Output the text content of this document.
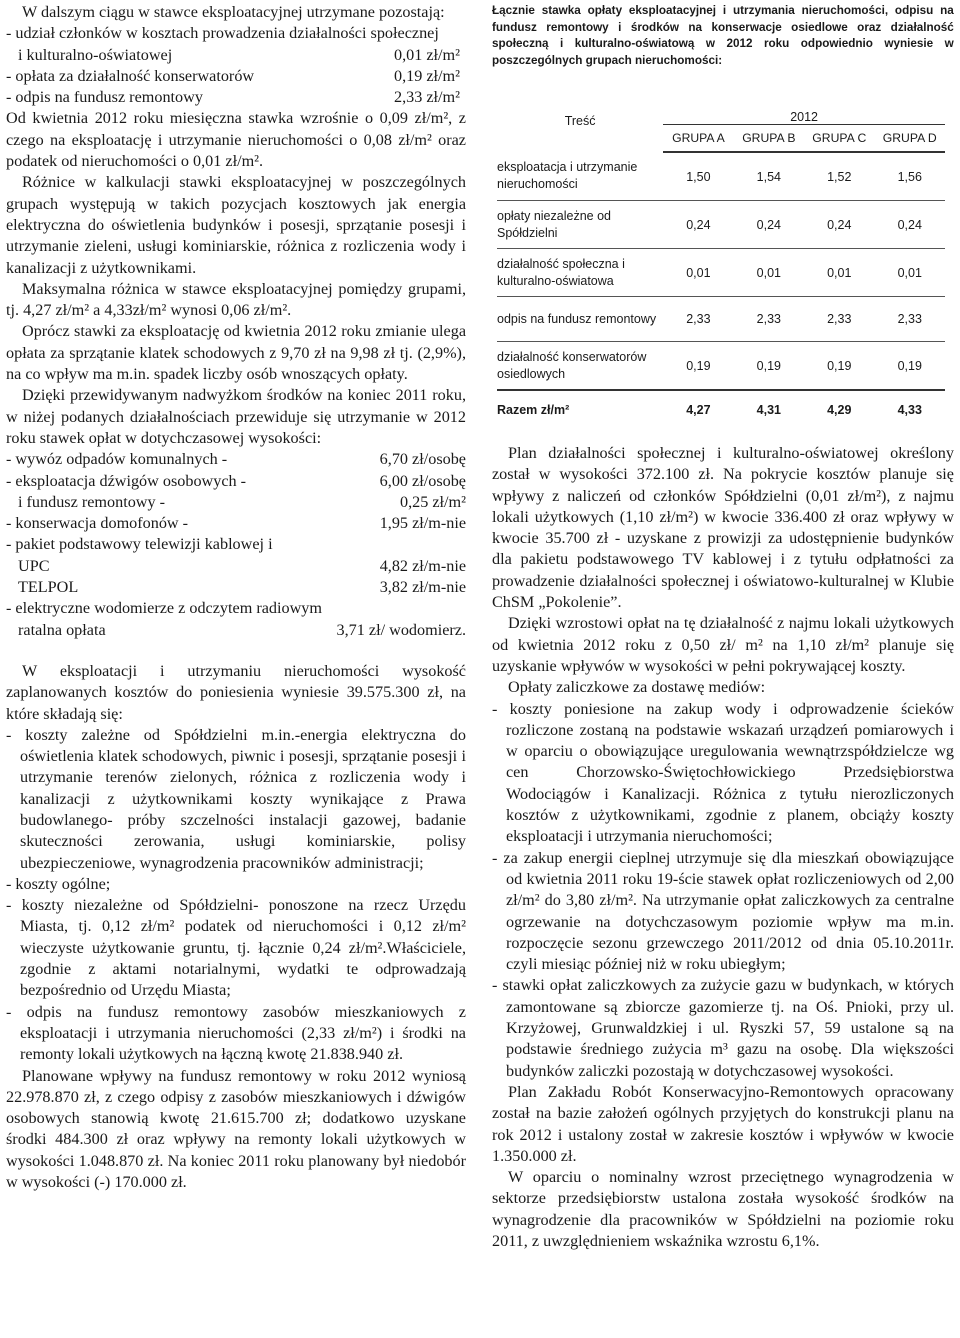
W dalszym ciągu w stawce eksploatacyjnej utrzymane pozostają:

- udział członków w kosztach prowadzenia działalności społecznej

i kulturalno-oświatowej	0,01 zł/m²
- opłata za działalność konserwatorów	0,19 zł/m²
- odpis na fundusz remontowy	2,33 zł/m²

Od kwietnia 2012 roku miesięczna stawka wzrośnie o 0,09 zł/m², z czego na eksploatację i utrzymanie nieruchomości o 0,08 zł/m² oraz podatek od nieruchomości o 0,01 zł/m².

Różnice w kalkulacji stawki eksploatacyjnej w poszczególnych grupach występują w takich pozycjach kosztowych jak energia elektryczna do oświetlenia budynków i posesji, sprzątanie posesji i utrzymanie zieleni, usługi kominiarskie, różnica z rozliczenia wody i kanalizacji z użytkownikami.

Maksymalna różnica w stawce eksploatacyjnej pomiędzy grupami, tj. 4,27 zł/m² a 4,33zł/m² wynosi 0,06 zł/m².

Oprócz stawki za eksploatację od kwietnia 2012 roku zmianie ulega opłata za sprzątanie klatek schodowych z 9,70 zł na 9,98 zł tj. (2,9%), na co wpływ ma m.in. spadek liczby osób wnoszących opłaty.

Dzięki przewidywanym nadwyżkom środków na koniec 2011 roku, w niżej podanych działalnościach przewiduje się utrzymanie w 2012 roku stawek opłat w dotychczasowej wysokości:

- wywóz odpadów komunalnych -	6,70 zł/osobę
- eksploatacja dźwigów osobowych -	6,00 zł/osobę
i fundusz remontowy -	0,25 zł/m²
- konserwacja domofonów -	1,95 zł/m-nie

- pakiet podstawowy telewizji kablowej i

UPC	4,82 zł/m-nie
TELPOL	3,82 zł/m-nie

- elektryczne wodomierze z odczytem radiowym

ratalna opłata	3,71 zł/ wodomierz.

W eksploatacji i utrzymaniu nieruchomości wysokość zaplanowanych kosztów do poniesienia wyniesie 39.575.300 zł, na które składają się:

- koszty zależne od Spółdzielni m.in.-energia elektryczna do oświetlenia klatek schodowych, piwnic i posesji, sprzątanie posesji i utrzymanie terenów zielonych, różnica z rozliczenia wody i kanalizacji z użytkownikami koszty wynikające z Prawa budowlanego- próby szczelności instalacji gazowej, badanie skuteczności zerowania, usługi kominiarskie, polisy ubezpieczeniowe, wynagrodzenia pracowników administracji;

- koszty ogólne;

- koszty niezależne od Spółdzielni- ponoszone na rzecz Urzędu Miasta, tj. 0,12 zł/m² podatek od nieruchomości i 0,12 zł/m² wieczyste użytkowanie gruntu, tj. łącznie 0,24 zł/m².Właściciele, zgodnie z aktami notarialnymi, wydatki te odprowadzają bezpośrednio od Urzędu Miasta;

- odpis na fundusz remontowy zasobów mieszkaniowych z eksploatacji i utrzymania nieruchomości (2,33 zł/m²) i środki na remonty lokali użytkowych na łączną kwotę 21.838.940 zł.

Planowane wpływy na fundusz remontowy w roku 2012 wyniosą 22.978.870 zł, z czego odpisy z zasobów mieszkaniowych i dźwigów osobowych stanowią kwotę 21.615.700 zł; dodatkowo uzyskane środki 484.300 zł oraz wpływy na remonty lokali użytkowych w wysokości 1.048.870 zł. Na koniec 2011 roku planowany był niedobór w wysokości (-) 170.000 zł.

Łącznie stawka opłaty eksploatacyjnej i utrzymania nieruchomości, odpisu na fundusz remontowy i środków na konserwacje osiedlowe oraz działalność społeczną i kulturalno-oświatową w 2012 roku odpowiednio wyniesie w poszczególnych grupach nieruchomości:

Treść	2012			
	GRUPA A	GRUPA B	GRUPA C	GRUPA D
eksploatacja i utrzymanie nieruchomości	1,50	1,54	1,52	1,56
opłaty niezależne od Spółdzielni	0,24	0,24	0,24	0,24
działalność społeczna i kulturalno-oświatowa	0,01	0,01	0,01	0,01
odpis na fundusz remontowy	2,33	2,33	2,33	2,33
działalność konserwatorów osiedlowych	0,19	0,19	0,19	0,19
Razem zł/m²	4,27	4,31	4,29	4,33

Plan działalności społecznej i kulturalno-oświatowej określony został w wysokości 372.100 zł. Na pokrycie kosztów planuje się wpływy z naliczeń od członków Spółdzielni (0,01 zł/m²), z najmu lokali użytkowych (1,10 zł/m²) w kwocie 336.400 zł oraz wpływy w kwocie 35.700 zł - uzyskane z prowizji za udostępnienie budynków dla pakietu podstawowego TV kablowej i z tytułu odpłatności za prowadzenie działalności społecznej i oświatowo-kulturalnej w Klubie ChSM „Pokolenie”.

Dzięki wzrostowi opłat na tę działalność z najmu lokali użytkowych od kwietnia 2012 roku z 0,50 zł/ m² na 1,10 zł/m² planuje się uzyskanie wpływów w wysokości w pełni pokrywającej koszty.

Opłaty zaliczkowe za dostawę mediów:

- koszty poniesione na zakup wody i odprowadzenie ścieków rozliczone zostaną na podstawie wskazań urządzeń pomiarowych i w oparciu o obowiązujące uregulowania wewnątrzspółdzielcze wg cen Chorzowsko-Świętochłowickiego Przedsiębiorstwa Wodociągów i Kanalizacji. Różnica z tytułu nierozliczonych kosztów z użytkownikami, zgodnie z planem, obciąży koszty eksploatacji i utrzymania nieruchomości;

- za zakup energii cieplnej utrzymuje się dla mieszkań obowiązujące od kwietnia 2011 roku 19-ście stawek opłat rozliczeniowych od 2,00 zł/m² do 3,80 zł/m². Na utrzymanie opłat zaliczkowych za centralne ogrzewanie na dotychczasowym poziomie wpływ ma m.in. rozpoczęcie sezonu grzewczego 2011/2012 od dnia 05.10.2011r. czyli miesiąc później niż w roku ubiegłym;

- stawki opłat zaliczkowych za zużycie gazu w budynkach, w których zamontowane są zbiorcze gazomierze tj. na Oś. Pnioki, przy ul. Krzyżowej, Grunwaldzkiej i ul. Ryszki 57, 59 ustalone są na podstawie średniego zużycia m³ gazu na osobę. Dla większości budynków zaliczki pozostają w dotychczasowej wysokości.

Plan Zakładu Robót Konserwacyjno-Remontowych opracowany został na bazie założeń ogólnych przyjętych do konstrukcji planu na rok 2012 i ustalony został w zakresie kosztów i wpływów w kwocie 1.350.000 zł.

W oparciu o nominalny wzrost przeciętnego wynagrodzenia w sektorze przedsiębiorstw ustalona została wysokość środków na wynagrodzenie dla pracowników w Spółdzielni na poziomie roku 2011, z uwzględnieniem wskaźnika wzrostu 6,1%.
